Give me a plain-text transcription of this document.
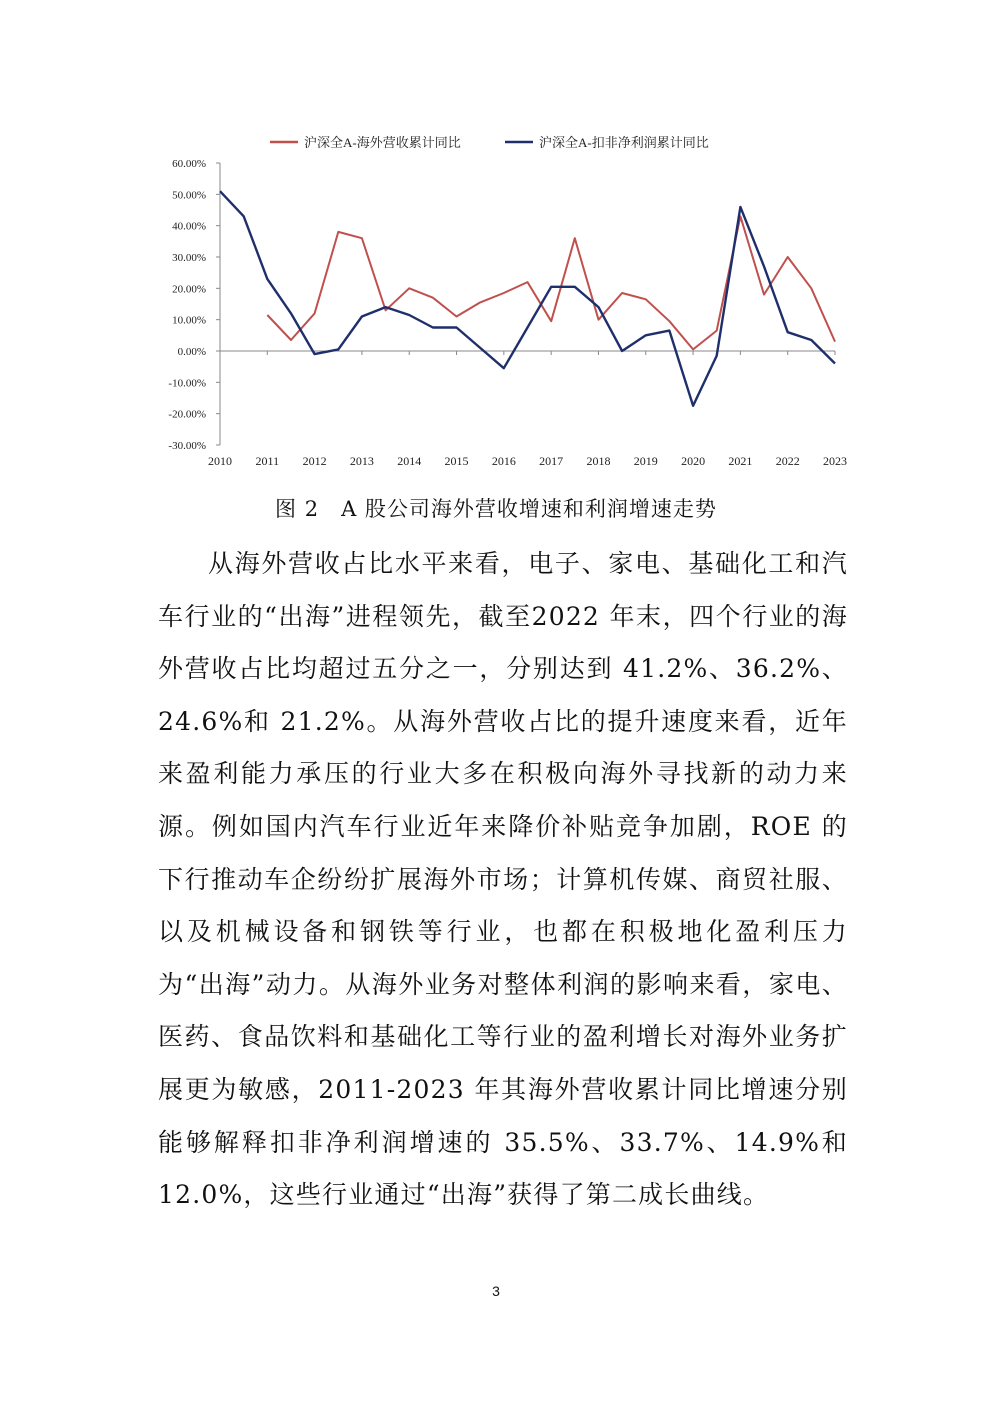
沪深全A-海外营收累计同比	沪深全A-扣非净利润累计同比
60.00%
50.00%
40.00%
30.00%
20.00%
10.00%
0.00%
-10.00%
-20.00%
-30.00%
2010 2011 2012 2013 2014 2015 2016 2017 2018 2019 2020 2021 2022 2023
图 2　A 股公司海外营收增速和利润增速走势

从海外营收占比水平来看，电子、家电、基础化工和汽车行业的“出海”进程领先，截至2022 年末，四个行业的海外营收占比均超过五分之一，分别达到 41.2%、36.2%、24.6%和 21.2%。从海外营收占比的提升速度来看，近年来盈利能力承压的行业大多在积极向海外寻找新的动力来源。例如国内汽车行业近年来降价补贴竞争加剧，ROE 的下行推动车企纷纷扩展海外市场；计算机传媒、商贸社服、以及机械设备和钢铁等行业，也都在积极地化盈利压力为“出海”动力。从海外业务对整体利润的影响来看，家电、医药、食品饮料和基础化工等行业的盈利增长对海外业务扩展更为敏感，2011-2023 年其海外营收累计同比增速分别能够解释扣非净利润增速的 35.5%、33.7%、14.9%和 12.0%，这些行业通过“出海”获得了第二成长曲线。

3
